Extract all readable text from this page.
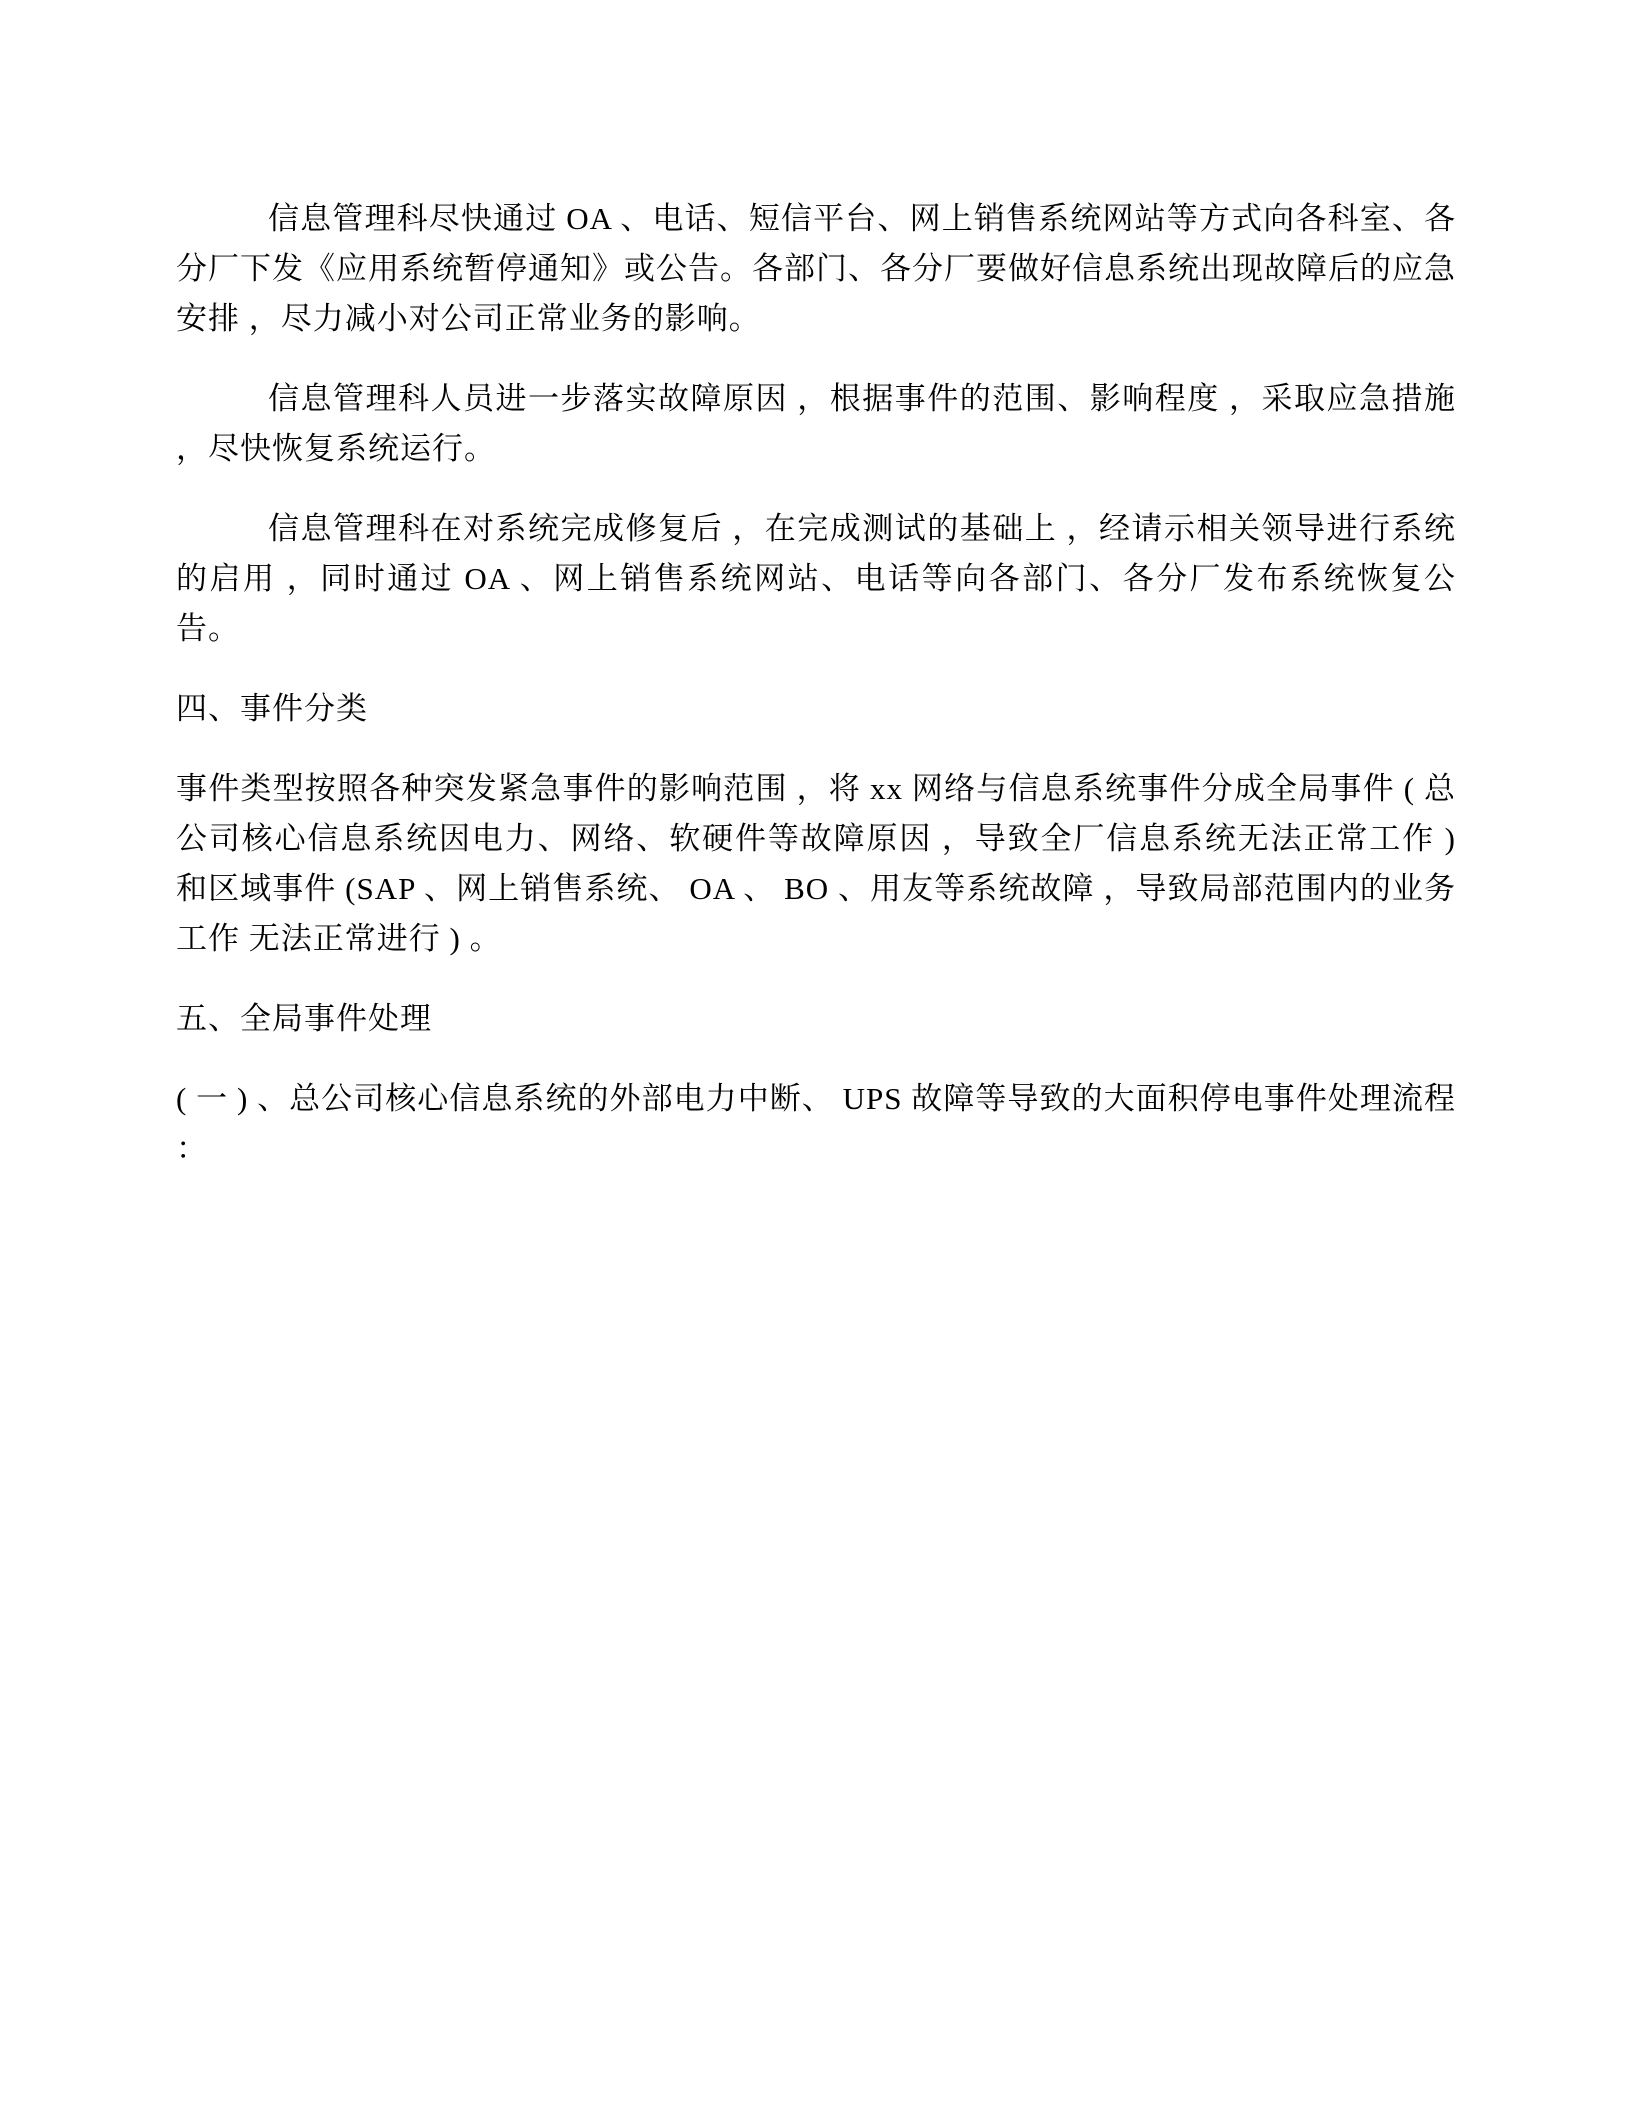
信息管理科尽快通过 OA 、电话、短信平台、网上销售系统网站等方式向各科室、各分厂下发《应用系统暂停通知》或公告。各部门、各分厂要做好信息系统出现故障后的应急安排 ，尽力减小对公司正常业务的影响。

信息管理科人员进一步落实故障原因 ，根据事件的范围、影响程度 ，采取应急措施 ，尽快恢复系统运行。

信息管理科在对系统完成修复后 ，在完成测试的基础上 ，经请示相关领导进行系统的启用 ，同时通过 OA 、网上销售系统网站、电话等向各部门、各分厂发布系统恢复公告。

四、事件分类

事件类型按照各种突发紧急事件的影响范围 ，将 xx 网络与信息系统事件分成全局事件 ( 总公司核心信息系统因电力、网络、软硬件等故障原因 ，导致全厂信息系统无法正常工作 ) 和区域事件 (SAP 、网上销售系统、 OA 、 BO 、用友等系统故障 ，导致局部范围内的业务工作 无法正常进行 ) 。

五、全局事件处理

( 一 ) 、总公司核心信息系统的外部电力中断、 UPS 故障等导致的大面积停电事件处理流程 ：
